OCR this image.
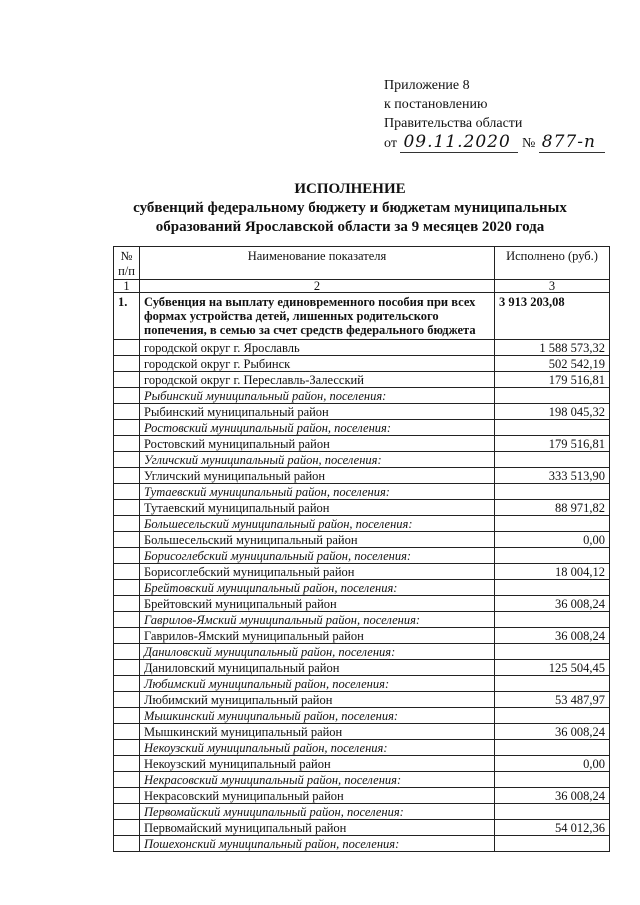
Приложение 8
к постановлению
Правительства области
от 09.11.2020 № 877-п
ИСПОЛНЕНИЕ
субвенций федеральному бюджету и бюджетам муниципальных
образований Ярославской области за 9 месяцев 2020 года
№ п/п	Наименование показателя	Исполнено (руб.)
1	2	3
1.	Субвенция на выплату единовременного пособия при всех формах устройства детей, лишенных родительского попечения, в семью за счет средств федерального бюджета	3 913 203,08
	городской округ г. Ярославль	1 588 573,32
	городской округ г. Рыбинск	502 542,19
	городской округ г. Переславль-Залесский	179 516,81
	Рыбинский муниципальный район, поселения:	
	Рыбинский муниципальный район	198 045,32
	Ростовский муниципальный район, поселения:	
	Ростовский муниципальный район	179 516,81
	Угличский муниципальный район, поселения:	
	Угличский муниципальный район	333 513,90
	Тутаевский муниципальный район, поселения:	
	Тутаевский муниципальный район	88 971,82
	Большесельский муниципальный район, поселения:	
	Большесельский муниципальный район	0,00
	Борисоглебский муниципальный район, поселения:	
	Борисоглебский муниципальный район	18 004,12
	Брейтовский муниципальный район, поселения:	
	Брейтовский муниципальный район	36 008,24
	Гаврилов-Ямский муниципальный район, поселения:	
	Гаврилов-Ямский муниципальный район	36 008,24
	Даниловский муниципальный район, поселения:	
	Даниловский муниципальный район	125 504,45
	Любимский муниципальный район, поселения:	
	Любимский муниципальный район	53 487,97
	Мышкинский муниципальный район, поселения:	
	Мышкинский муниципальный район	36 008,24
	Некоузский муниципальный район, поселения:	
	Некоузский муниципальный район	0,00
	Некрасовский муниципальный район, поселения:	
	Некрасовский муниципальный район	36 008,24
	Первомайский муниципальный район, поселения:	
	Первомайский муниципальный район	54 012,36
	Пошехонский муниципальный район, поселения:	
